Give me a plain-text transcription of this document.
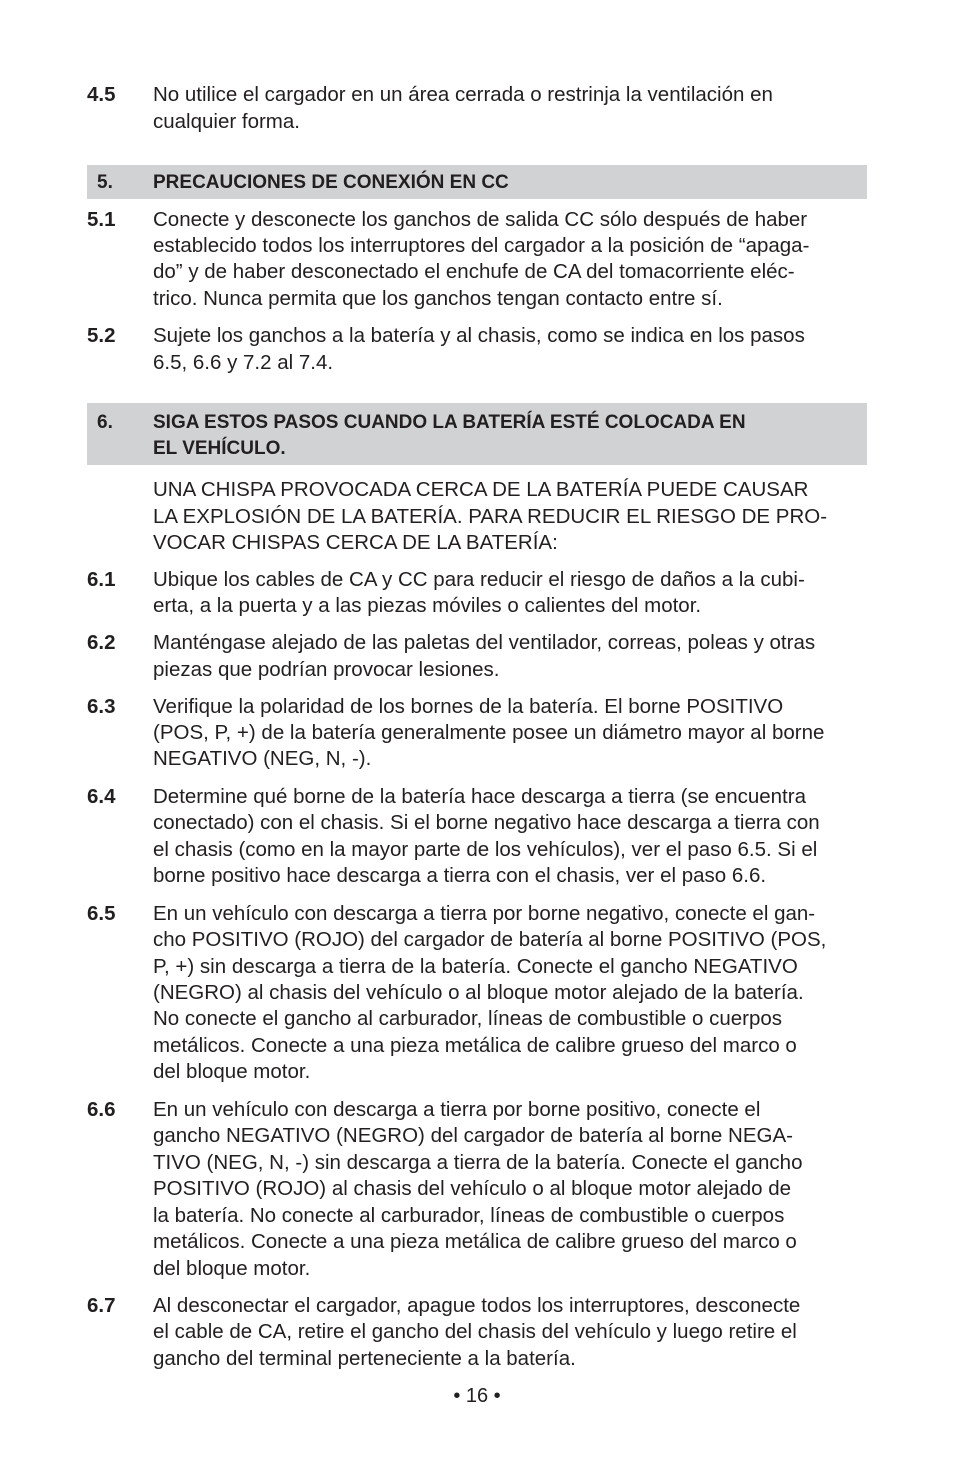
4.5 No utilice el cargador en un área cerrada o restrinja la ventilación en
cualquier forma.
5. PRECAUCIONES DE CONEXIÓN EN CC
5.1 Conecte y desconecte los ganchos de salida CC sólo después de haber
establecido todos los interruptores del cargador a la posición de “apaga-
do” y de haber desconectado el enchufe de CA del tomacorriente eléc-
trico. Nunca permita que los ganchos tengan contacto entre sí.
5.2 Sujete los ganchos a la batería y al chasis, como se indica en los pasos
6.5, 6.6 y 7.2 al 7.4.
6. SIGA ESTOS PASOS CUANDO LA BATERÍA ESTÉ COLOCADA EN
EL VEHÍCULO.
UNA CHISPA PROVOCADA CERCA DE LA BATERÍA PUEDE CAUSAR
LA EXPLOSIÓN DE LA BATERÍA. PARA REDUCIR EL RIESGO DE PRO-
VOCAR CHISPAS CERCA DE LA BATERÍA:
6.1 Ubique los cables de CA y CC para reducir el riesgo de daños a la cubi-
erta, a la puerta y a las piezas móviles o calientes del motor.
6.2 Manténgase alejado de las paletas del ventilador, correas, poleas y otras
piezas que podrían provocar lesiones.
6.3 Verifique la polaridad de los bornes de la batería. El borne POSITIVO
(POS, P, +) de la batería generalmente posee un diámetro mayor al borne
NEGATIVO (NEG, N, -).
6.4 Determine qué borne de la batería hace descarga a tierra (se encuentra
conectado) con el chasis. Si el borne negativo hace descarga a tierra con
el chasis (como en la mayor parte de los vehículos), ver el paso 6.5. Si el
borne positivo hace descarga a tierra con el chasis, ver el paso 6.6.
6.5 En un vehículo con descarga a tierra por borne negativo, conecte el gan-
cho POSITIVO (ROJO) del cargador de batería al borne POSITIVO (POS,
P, +) sin descarga a tierra de la batería. Conecte el gancho NEGATIVO
(NEGRO) al chasis del vehículo o al bloque motor alejado de la batería.
No conecte el gancho al carburador, líneas de combustible o cuerpos
metálicos. Conecte a una pieza metálica de calibre grueso del marco o
del bloque motor.
6.6 En un vehículo con descarga a tierra por borne positivo, conecte el
gancho NEGATIVO (NEGRO) del cargador de batería al borne NEGA-
TIVO (NEG, N, -) sin descarga a tierra de la batería. Conecte el gancho
POSITIVO (ROJO) al chasis del vehículo o al bloque motor alejado de
la batería. No conecte al carburador, líneas de combustible o cuerpos
metálicos. Conecte a una pieza metálica de calibre grueso del marco o
del bloque motor.
6.7 Al desconectar el cargador, apague todos los interruptores, desconecte
el cable de CA, retire el gancho del chasis del vehículo y luego retire el
gancho del terminal perteneciente a la batería.
• 16 •
